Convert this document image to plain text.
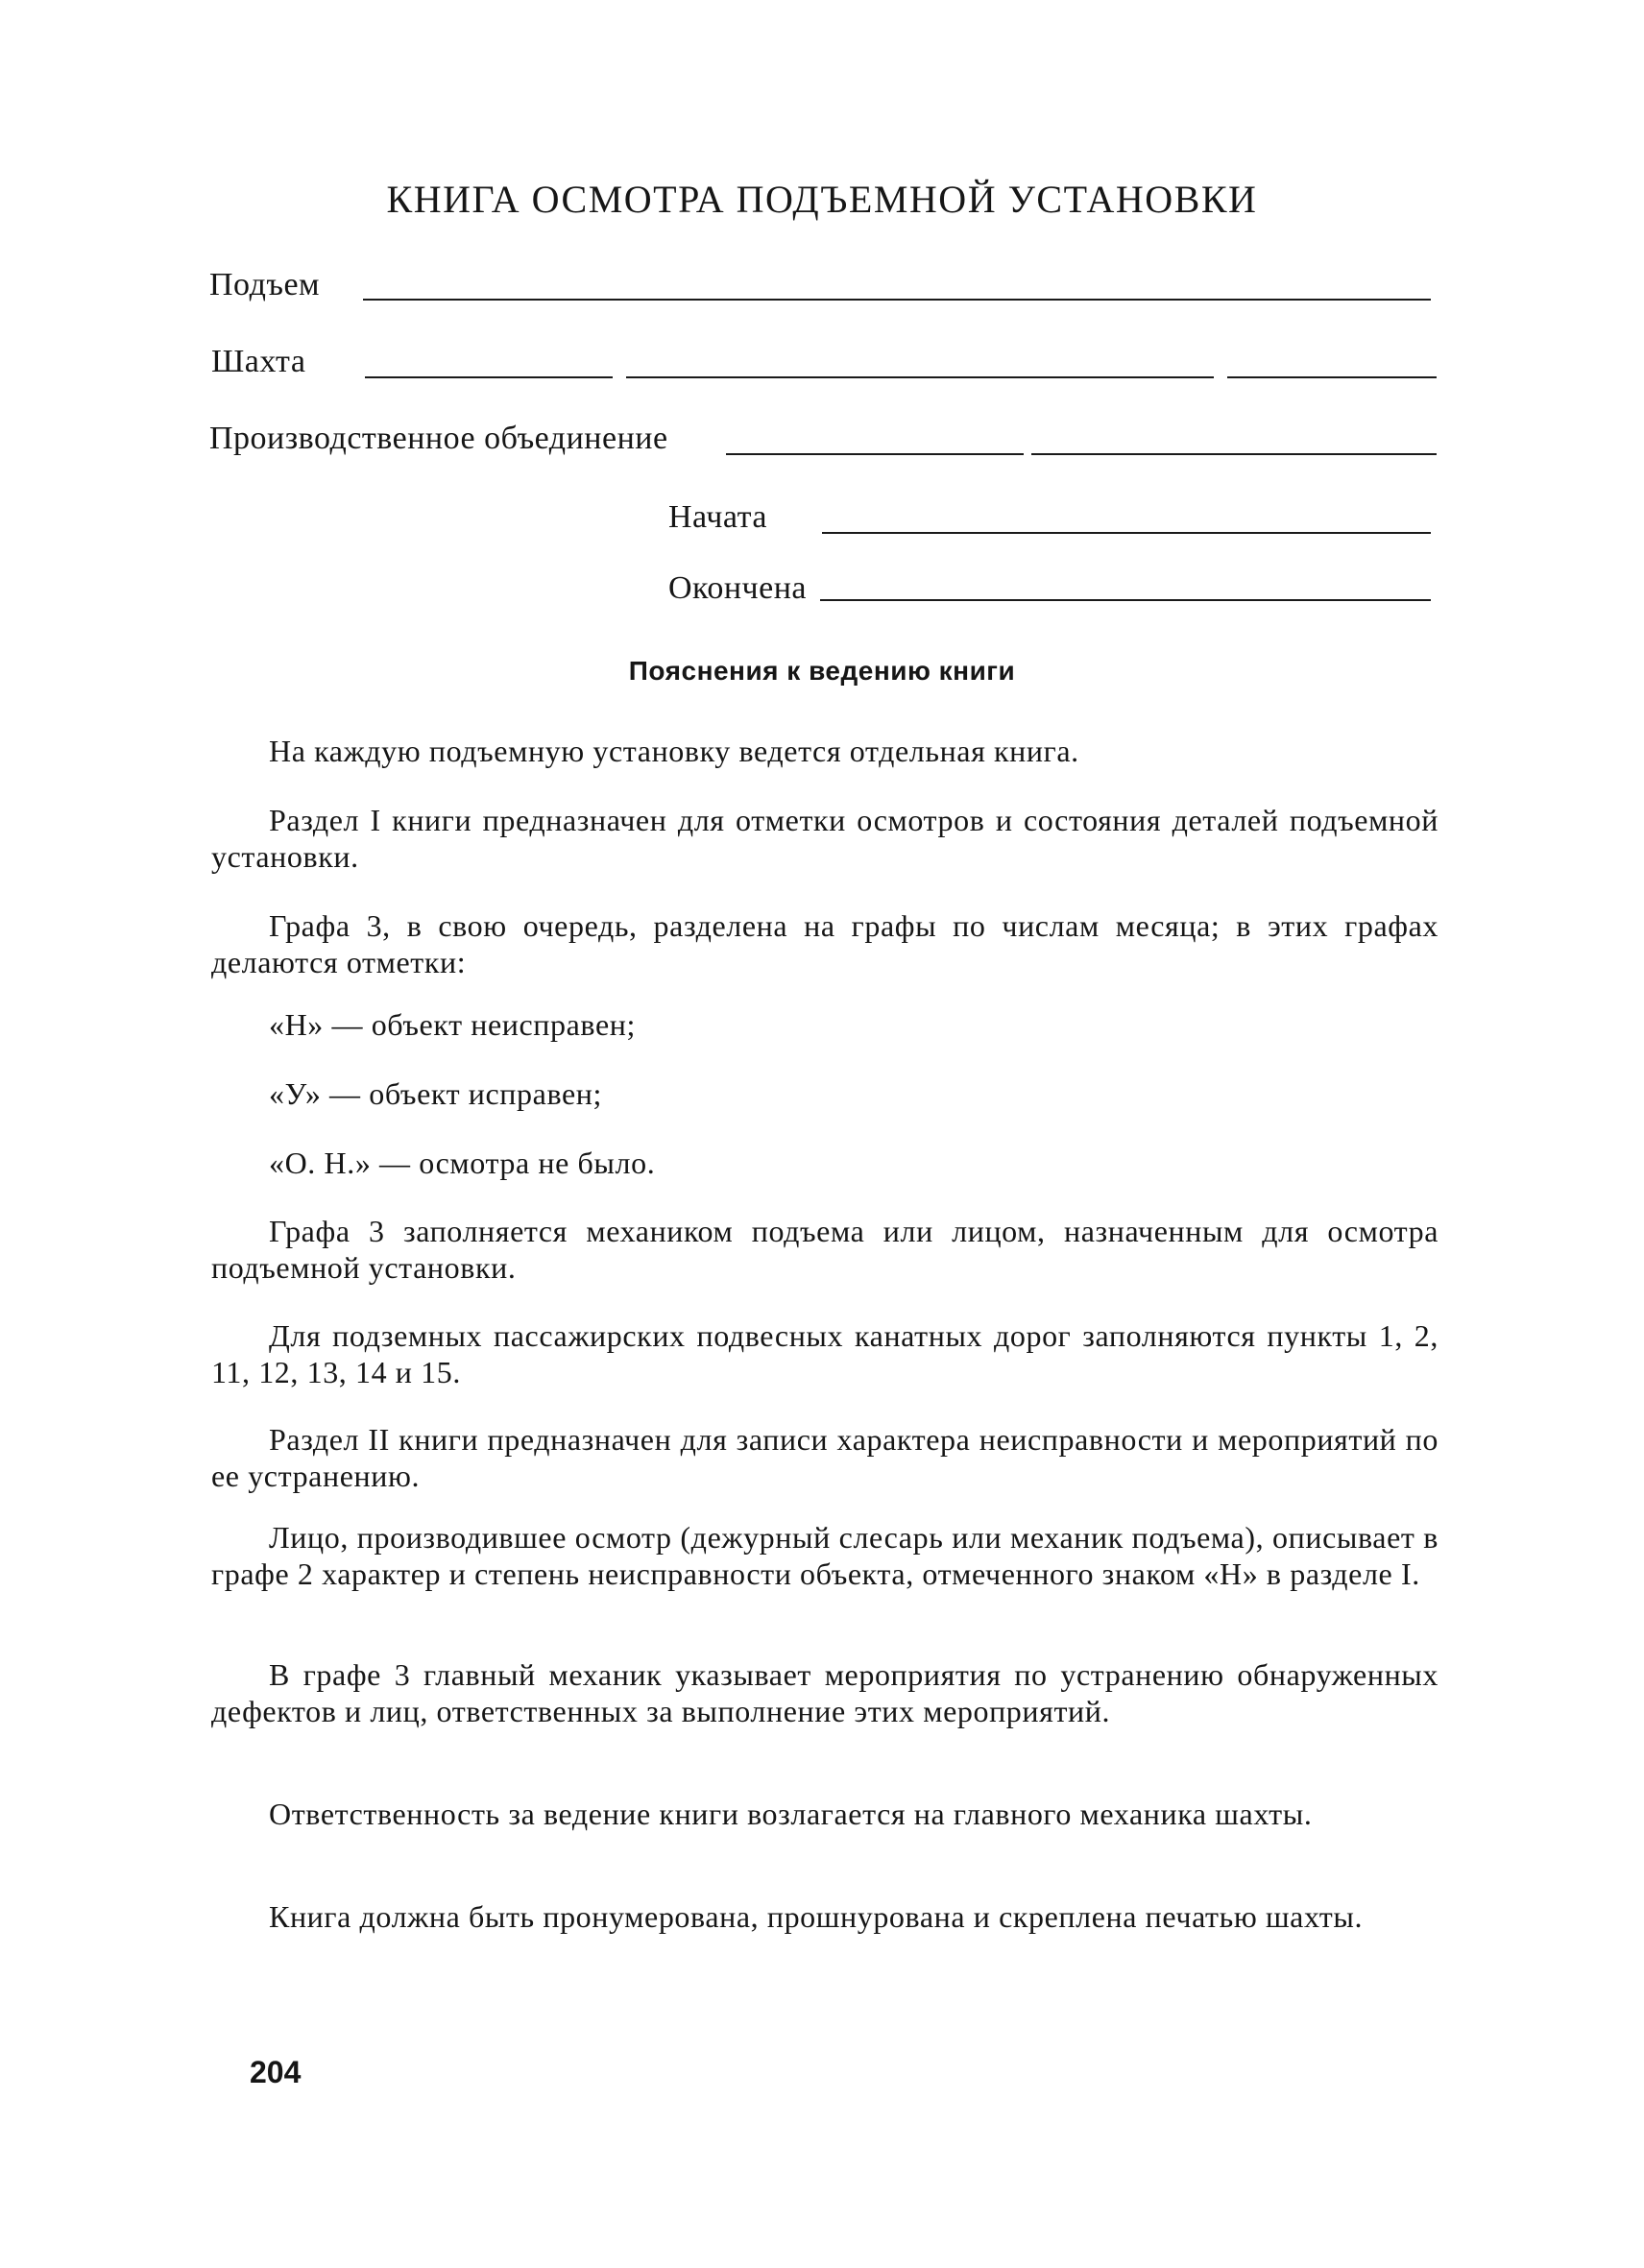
КНИГА ОСМОТРА ПОДЪЕМНОЙ УСТАНОВКИ
Подъем
Шахта
Производственное объединение
Начата
Окончена
Пояснения к ведению книги

На каждую подъемную установку ведется отдельная книга.

Раздел I книги предназначен для отметки осмотров и состояния деталей подъемной установки.

Графа 3, в свою очередь, разделена на графы по числам месяца; в этих графах делаются отметки:

«Н» — объект неисправен;

«У» — объект исправен;

«О. Н.» — осмотра не было.

Графа 3 заполняется механиком подъема или лицом, назначенным для осмотра подъемной установки.

Для подземных пассажирских подвесных канатных дорог заполняются пункты 1, 2, 11, 12, 13, 14 и 15.

Раздел II книги предназначен для записи характера неисправности и мероприятий по ее устранению.

Лицо, производившее осмотр (дежурный слесарь или механик подъема), описывает в графе 2 характер и степень неисправности объекта, отмеченного знаком «Н» в разделе I.

В графе 3 главный механик указывает мероприятия по устранению обнаруженных дефектов и лиц, ответственных за выполнение этих мероприятий.

Ответственность за ведение книги возлагается на главного механика шахты.

Книга должна быть пронумерована, прошнурована и скреплена печатью шахты.

204
